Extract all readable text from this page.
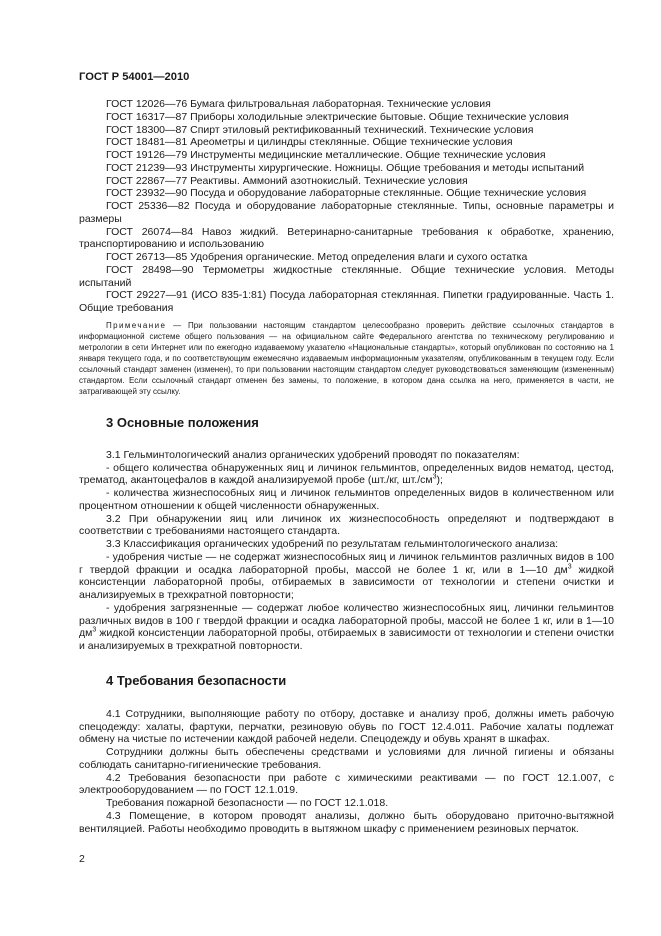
ГОСТ Р 54001—2010

ГОСТ 12026—76 Бумага фильтровальная лабораторная. Технические условия

ГОСТ 16317—87 Приборы холодильные электрические бытовые. Общие технические условия

ГОСТ 18300—87 Спирт этиловый ректификованный технический. Технические условия

ГОСТ 18481—81 Ареометры и цилиндры стеклянные. Общие технические условия

ГОСТ 19126—79 Инструменты медицинские металлические. Общие технические условия

ГОСТ 21239—93 Инструменты хирургические. Ножницы. Общие требования и методы испытаний

ГОСТ 22867—77 Реактивы. Аммоний азотнокислый. Технические условия

ГОСТ 23932—90 Посуда и оборудование лабораторные стеклянные. Общие технические условия

ГОСТ 25336—82 Посуда и оборудование лабораторные стеклянные. Типы, основные параметры и размеры

ГОСТ 26074—84 Навоз жидкий. Ветеринарно-санитарные требования к обработке, хранению, транспортированию и использованию

ГОСТ 26713—85 Удобрения органические. Метод определения влаги и сухого остатка

ГОСТ 28498—90 Термометры жидкостные стеклянные. Общие технические условия. Методы испытаний

ГОСТ 29227—91 (ИСО 835-1:81) Посуда лабораторная стеклянная. Пипетки градуированные. Часть 1. Общие требования

Примечание — При пользовании настоящим стандартом целесообразно проверить действие ссылочных стандартов в информационной системе общего пользования — на официальном сайте Федерального агентства по техническому регулированию и метрологии в сети Интернет или по ежегодно издаваемому указателю «Национальные стандарты», который опубликован по состоянию на 1 января текущего года, и по соответствующим ежемесячно издаваемым информационным указателям, опубликованным в текущем году. Если ссылочный стандарт заменен (изменен), то при пользовании настоящим стандартом следует руководствоваться заменяющим (измененным) стандартом. Если ссылочный стандарт отменен без замены, то положение, в котором дана ссылка на него, применяется в части, не затрагивающей эту ссылку.

3 Основные положения

3.1 Гельминтологический анализ органических удобрений проводят по показателям:

- общего количества обнаруженных яиц и личинок гельминтов, определенных видов нематод, цестод, трематод, акантоцефалов в каждой анализируемой пробе (шт./кг, $шт./см^3$);

- количества жизнеспособных яиц и личинок гельминтов определенных видов в количественном или процентном отношении к общей численности обнаруженных.

3.2 При обнаружении яиц или личинок их жизнеспособность определяют и подтверждают в соответствии с требованиями настоящего стандарта.

3.3 Классификация органических удобрений по результатам гельминтологического анализа:

- удобрения чистые — не содержат жизнеспособных яиц и личинок гельминтов различных видов в 100 г твердой фракции и осадка лабораторной пробы, массой не более 1 кг, или в 1—10 $дм^3$ жидкой консистенции лабораторной пробы, отбираемых в зависимости от технологии и степени очистки и анализируемых в трехкратной повторности;

- удобрения загрязненные — содержат любое количество жизнеспособных яиц, личинки гельминтов различных видов в 100 г твердой фракции и осадка лабораторной пробы, массой не более 1 кг, или в 1—10 $дм^3$ жидкой консистенции лабораторной пробы, отбираемых в зависимости от технологии и степени очистки и анализируемых в трехкратной повторности.

4 Требования безопасности

4.1 Сотрудники, выполняющие работу по отбору, доставке и анализу проб, должны иметь рабочую спецодежду: халаты, фартуки, перчатки, резиновую обувь по ГОСТ 12.4.011. Рабочие халаты подлежат обмену на чистые по истечении каждой рабочей недели. Спецодежду и обувь хранят в шкафах.

Сотрудники должны быть обеспечены средствами и условиями для личной гигиены и обязаны соблюдать санитарно-гигиенические требования.

4.2 Требования безопасности при работе с химическими реактивами — по ГОСТ 12.1.007, с электрооборудованием — по ГОСТ 12.1.019.

Требования пожарной безопасности — по ГОСТ 12.1.018.

4.3 Помещение, в котором проводят анализы, должно быть оборудовано приточно-вытяжной вентиляцией. Работы необходимо проводить в вытяжном шкафу с применением резиновых перчаток.

2
